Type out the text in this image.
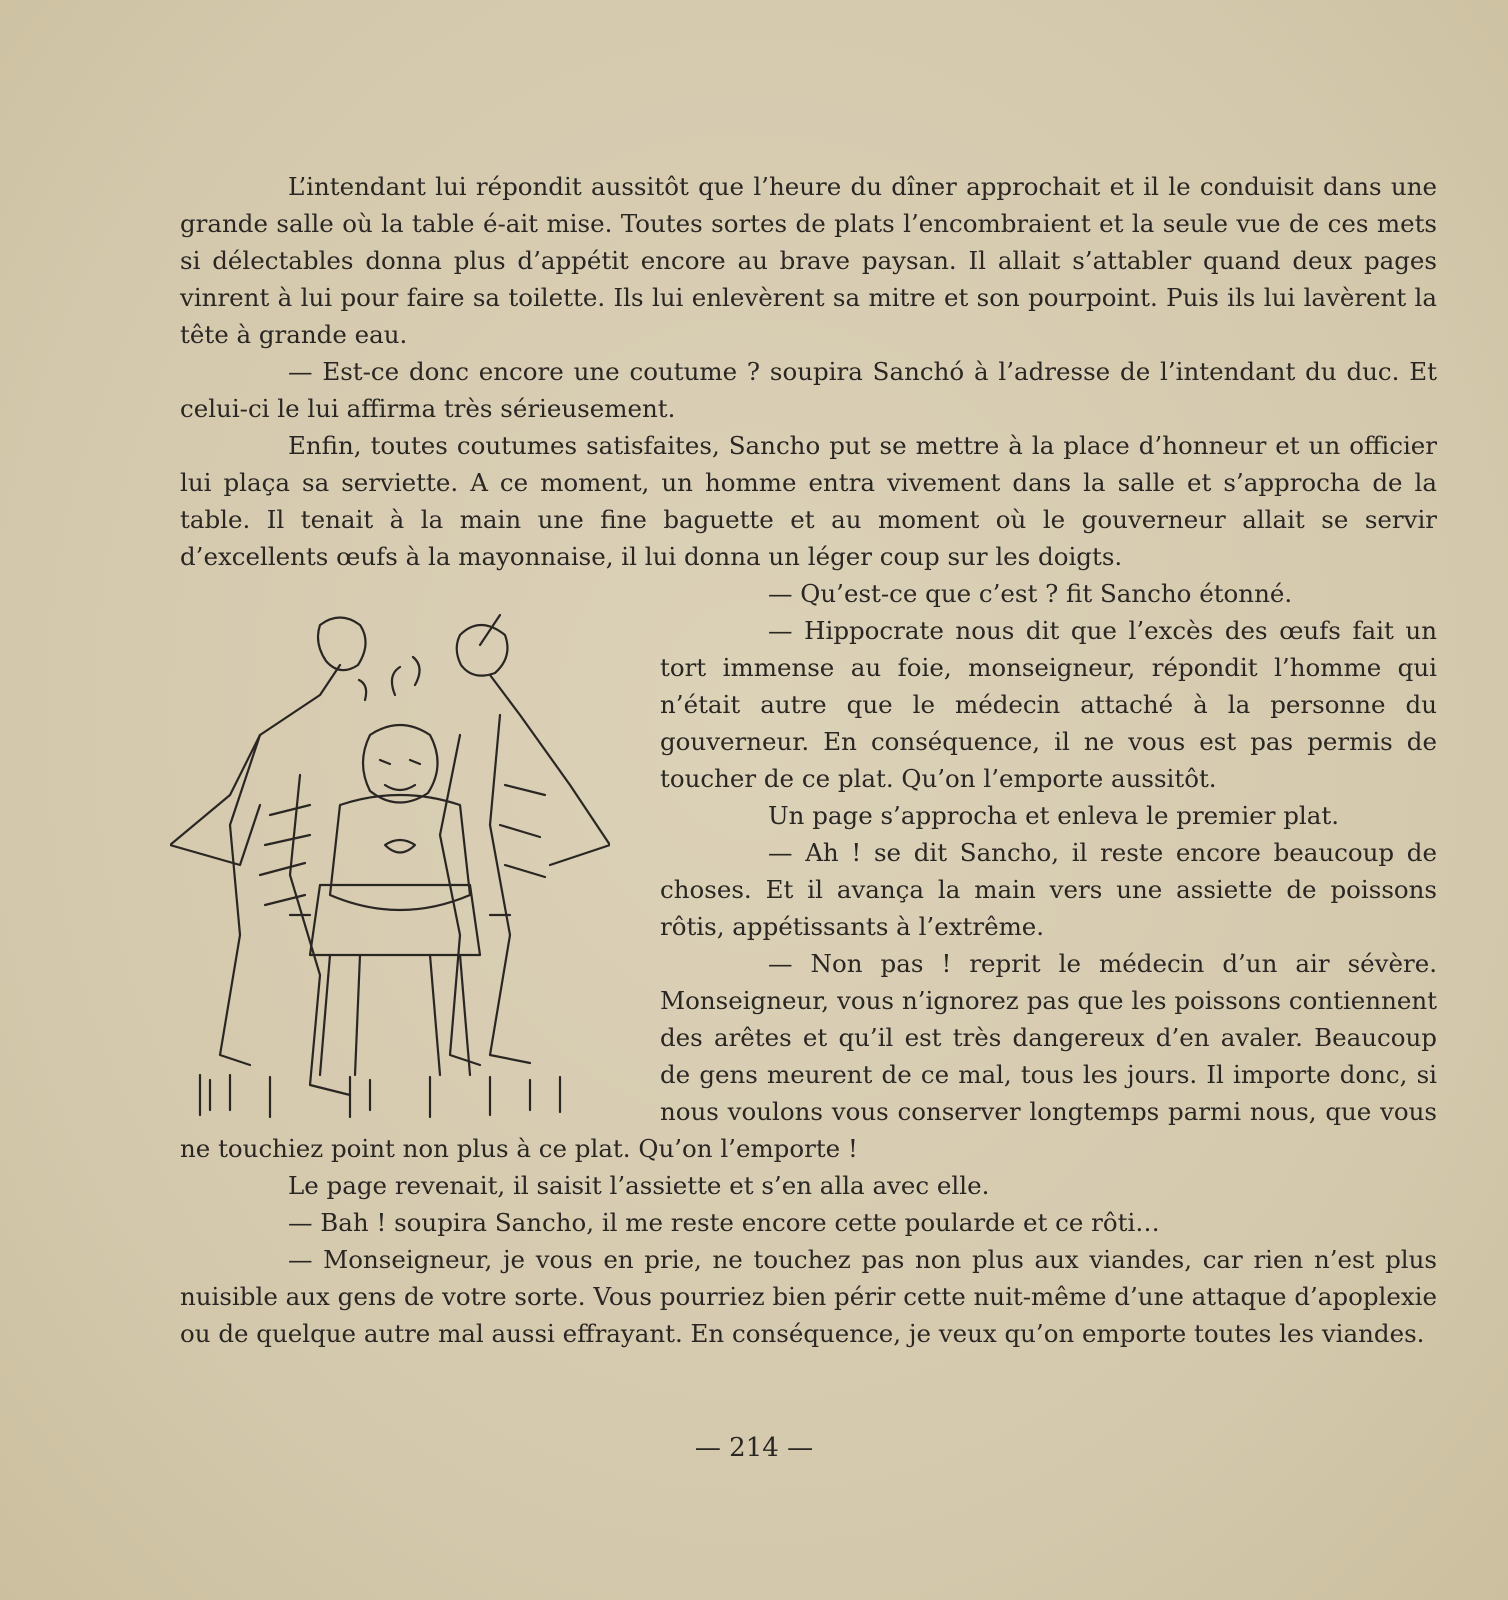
L’intendant lui répondit aussitôt que l’heure du dîner approchait et il le conduisit dans une grande salle où la table é‑ait mise. Toutes sortes de plats l’encombraient et la seule vue de ces mets si délectables donna plus d’appétit encore au brave paysan. Il allait s’attabler quand deux pages vinrent à lui pour faire sa toilette. Ils lui enlevèrent sa mitre et son pourpoint. Puis ils lui lavèrent la tête à grande eau.

— Est-ce donc encore une coutume ? soupira Sanchó à l’adresse de l’intendant du duc. Et celui-ci le lui affirma très sérieusement.

Enfin, toutes coutumes satisfaites, Sancho put se mettre à la place d’honneur et un officier lui plaça sa serviette. A ce moment, un homme entra vivement dans la salle et s’approcha de la table. Il tenait à la main une fine baguette et au moment où le gouverneur allait se servir d’excellents œufs à la mayonnaise, il lui donna un léger coup sur les doigts.

— Qu’est-ce que c’est ? fit Sancho étonné.

— Hippocrate nous dit que l’excès des œufs fait un tort immense au foie, monseigneur, répondit l’homme qui n’était autre que le médecin attaché à la personne du gouverneur. En conséquence, il ne vous est pas permis de toucher de ce plat. Qu’on l’emporte aussitôt.

Un page s’approcha et enleva le premier plat.

— Ah ! se dit Sancho, il reste encore beaucoup de choses. Et il avança la main vers une assiette de poissons rôtis, appétissants à l’extrême.

— Non pas ! reprit le médecin d’un air sévère. Monseigneur, vous n’ignorez pas que les poissons contiennent des arêtes et qu’il est très dangereux d’en avaler. Beaucoup de gens meurent de ce mal, tous les jours. Il importe donc, si nous voulons vous conserver longtemps parmi nous, que vous ne touchiez point non plus à ce plat. Qu’on l’emporte !

Le page revenait, il saisit l’assiette et s’en alla avec elle.

— Bah ! soupira Sancho, il me reste encore cette poularde et ce rôti…

— Monseigneur, je vous en prie, ne touchez pas non plus aux viandes, car rien n’est plus nuisible aux gens de votre sorte. Vous pourriez bien périr cette nuit-même d’une attaque d’apoplexie ou de quelque autre mal aussi effrayant. En conséquence, je veux qu’on emporte toutes les viandes.

— 214 —
